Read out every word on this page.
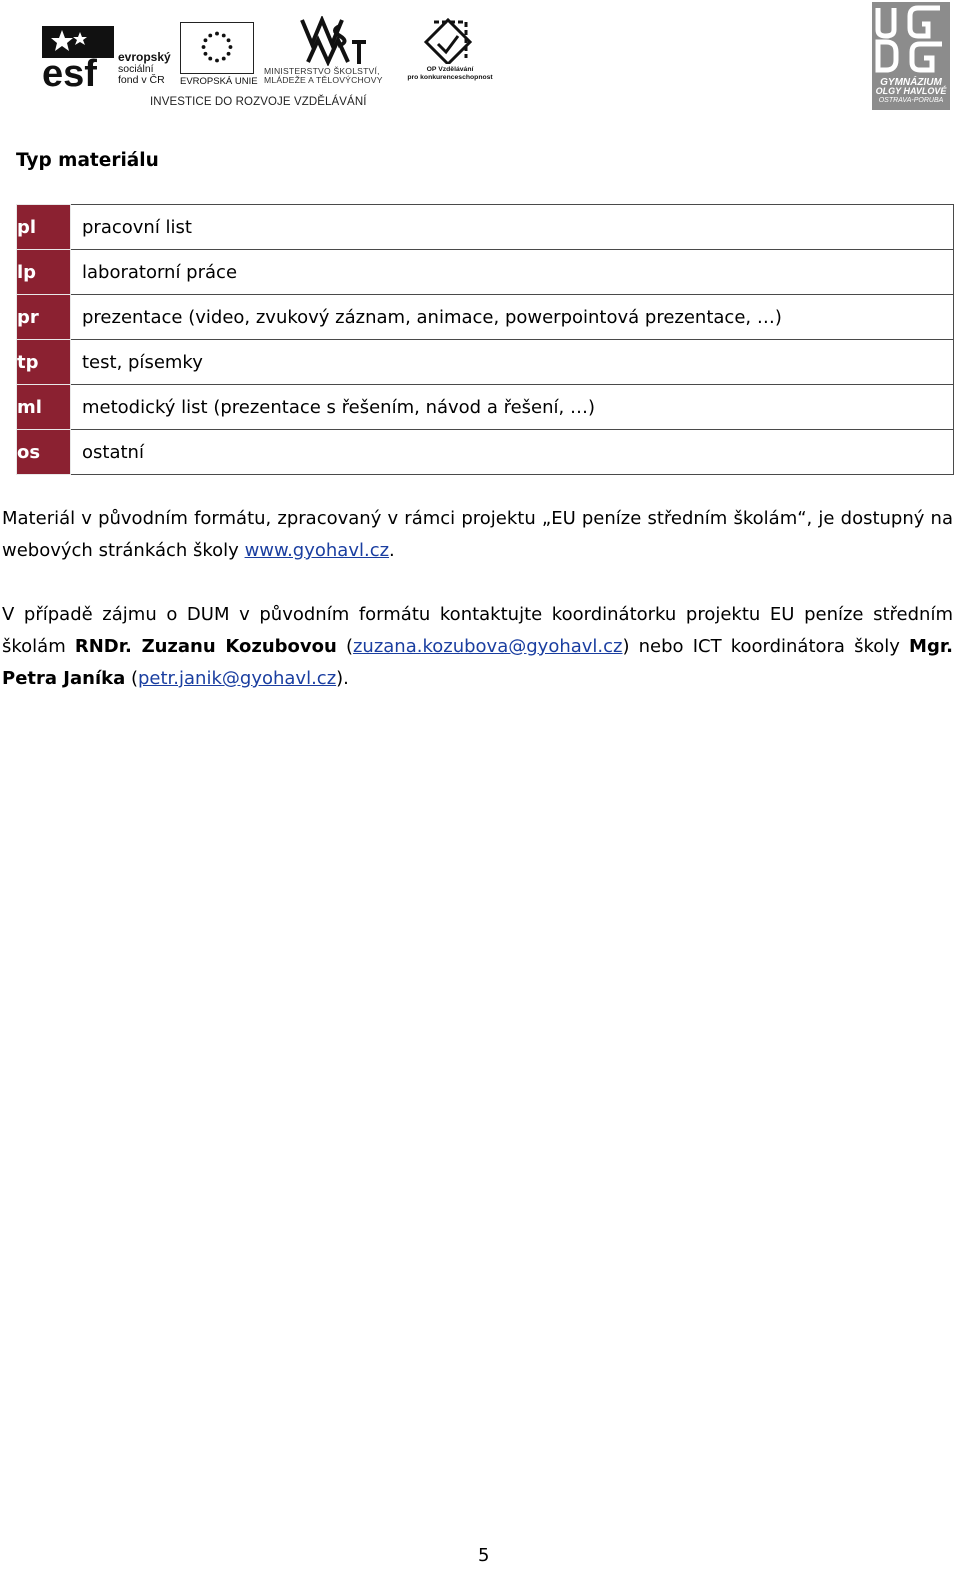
esf evropský
sociální
fond v ČR	EVROPSKÁ UNIE
MINISTERSTVO ŠKOLSTVÍ,
MLÁDEŽE A TĚLOVÝCHOVY
OP Vzdělávání
pro konkurenceschopnost
INVESTICE DO ROZVOJE VZDĚLÁVÁNÍ
GYMNÁZIUM
OLGY HAVLOVÉ
OSTRAVA-PORUBA
Typ materiálu
pl	pracovní list
lp	laboratorní práce
pr	prezentace (video, zvukový záznam, animace, powerpointová prezentace, …)
tp	test, písemky
ml	metodický list (prezentace s řešením, návod a řešení, …)
os	ostatní

Materiál v původním formátu, zpracovaný v rámci projektu „EU peníze středním školám“, je dostupný na webových stránkách školy www.gyohavl.cz.

V případě zájmu o DUM v původním formátu kontaktujte koordinátorku projektu EU peníze středním školám RNDr. Zuzanu Kozubovou (zuzana.kozubova@gyohavl.cz) nebo ICT koordinátora školy Mgr. Petra Janíka (petr.janik@gyohavl.cz).

5
